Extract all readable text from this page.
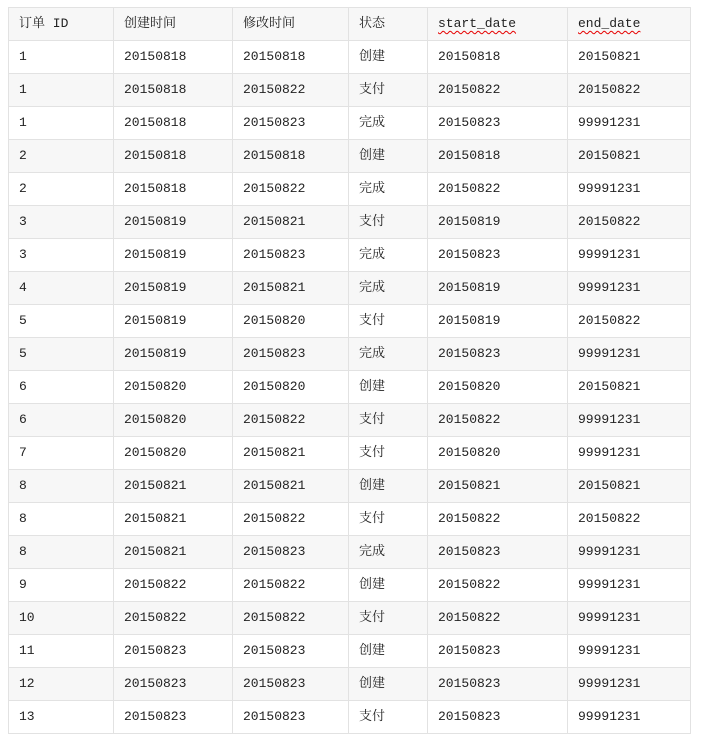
订单 ID	创建时间	修改时间	状态	start_date	end_date
1	20150818	20150818	创建	20150818	20150821
1	20150818	20150822	支付	20150822	20150822
1	20150818	20150823	完成	20150823	99991231
2	20150818	20150818	创建	20150818	20150821
2	20150818	20150822	完成	20150822	99991231
3	20150819	20150821	支付	20150819	20150822
3	20150819	20150823	完成	20150823	99991231
4	20150819	20150821	完成	20150819	99991231
5	20150819	20150820	支付	20150819	20150822
5	20150819	20150823	完成	20150823	99991231
6	20150820	20150820	创建	20150820	20150821
6	20150820	20150822	支付	20150822	99991231
7	20150820	20150821	支付	20150820	99991231
8	20150821	20150821	创建	20150821	20150821
8	20150821	20150822	支付	20150822	20150822
8	20150821	20150823	完成	20150823	99991231
9	20150822	20150822	创建	20150822	99991231
10	20150822	20150822	支付	20150822	99991231
11	20150823	20150823	创建	20150823	99991231
12	20150823	20150823	创建	20150823	99991231
13	20150823	20150823	支付	20150823	99991231
